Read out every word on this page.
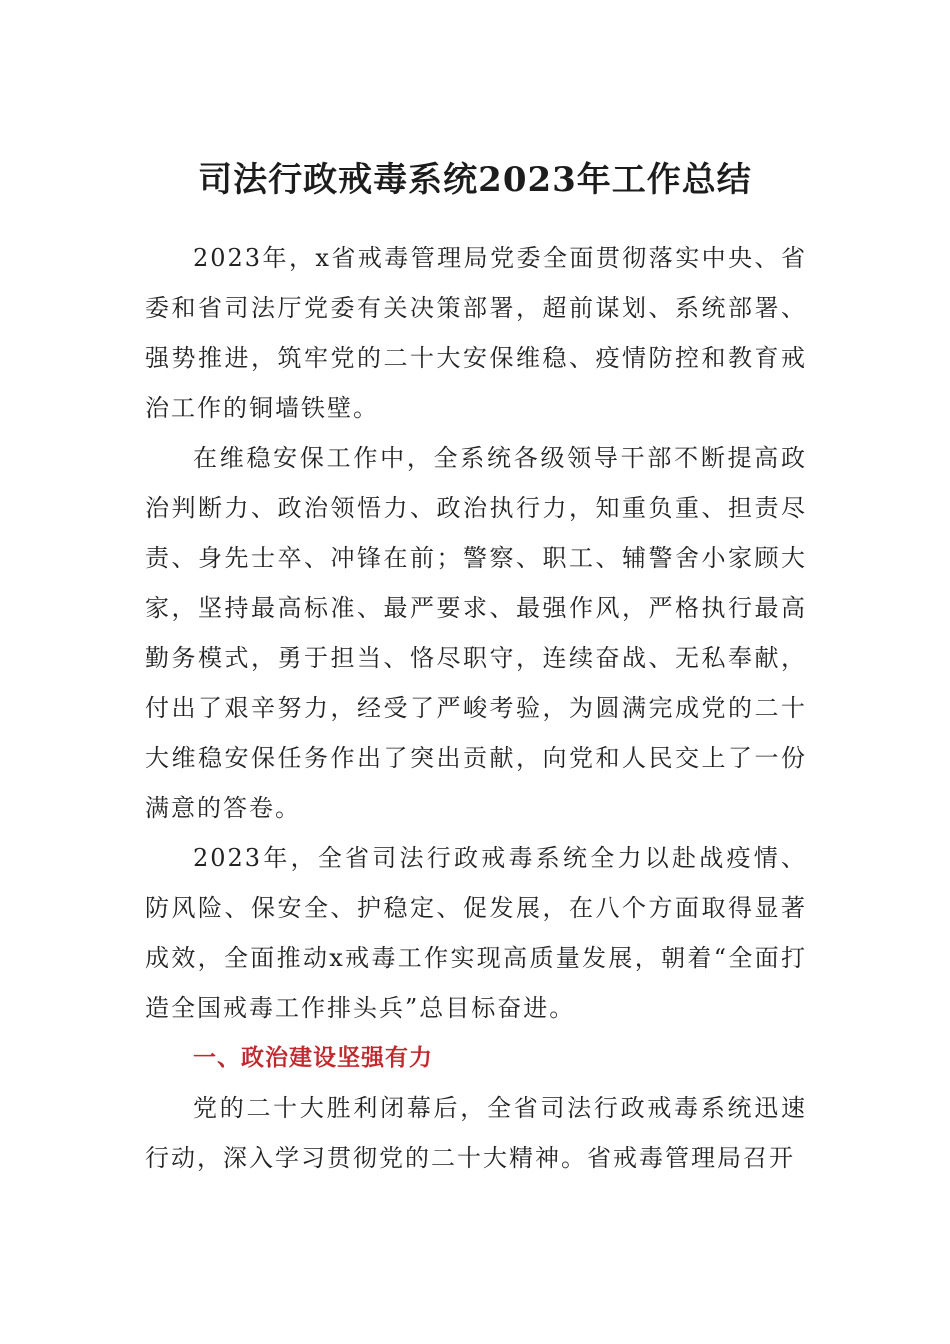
司法行政戒毒系统2023年工作总结

2023年，x省戒毒管理局党委全面贯彻落实中央、省委和省司法厅党委有关决策部署，超前谋划、系统部署、强势推进，筑牢党的二十大安保维稳、疫情防控和教育戒治工作的铜墙铁壁。

在维稳安保工作中，全系统各级领导干部不断提高政治判断力、政治领悟力、政治执行力，知重负重、担责尽责、身先士卒、冲锋在前；警察、职工、辅警舍小家顾大家，坚持最高标准、最严要求、最强作风，严格执行最高勤务模式，勇于担当、恪尽职守，连续奋战、无私奉献，付出了艰辛努力，经受了严峻考验，为圆满完成党的二十大维稳安保任务作出了突出贡献，向党和人民交上了一份满意的答卷。

2023年，全省司法行政戒毒系统全力以赴战疫情、防风险、保安全、护稳定、促发展，在八个方面取得显著成效，全面推动x戒毒工作实现高质量发展，朝着“全面打造全国戒毒工作排头兵”总目标奋进。

一、政治建设坚强有力

党的二十大胜利闭幕后，全省司法行政戒毒系统迅速行动，深入学习贯彻党的二十大精神。省戒毒管理局召开
